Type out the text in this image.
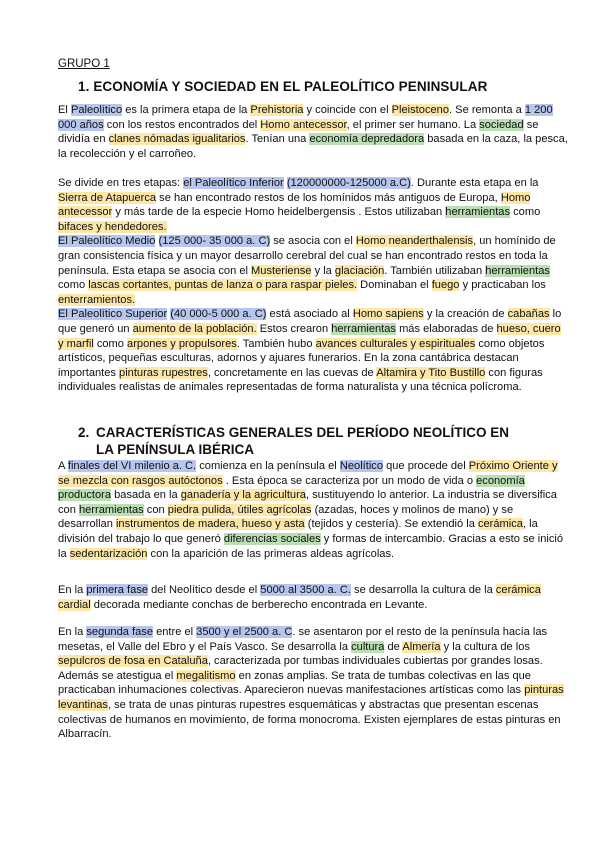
GRUPO 1
1. ECONOMÍA Y SOCIEDAD EN EL PALEOLÍTICO PENINSULAR
El Paleolítico es la primera etapa de la Prehistoria y coincide con el Pleistoceno. Se remonta a 1 200 000 años con los restos encontrados del Homo antecessor, el primer ser humano. La sociedad se dividía en clanes nómadas igualitarios. Tenían una economía depredadora basada en la caza, la pesca, la recolección y el carroñeo.
Se divide en tres etapas: el Paleolítico Inferior (120000000-125000 a.C). Durante esta etapa en la Sierra de Atapuerca se han encontrado restos de los homínidos más antiguos de Europa, Homo antecessor y más tarde de la especie Homo heidelbergensis . Estos utilizaban herramientas como bifaces y hendedores.
El Paleolítico Medio (125 000- 35 000 a. C) se asocia con el Homo neanderthalensis, un homínido de gran consistencia física y un mayor desarrollo cerebral del cual se han encontrado restos en toda la península. Esta etapa se asocia con el Musteriense y la glaciación. También utilizaban herramientas como lascas cortantes, puntas de lanza o para raspar pieles. Dominaban el fuego y practicaban los enterramientos.
El Paleolítico Superior (40 000-5 000 a. C) está asociado al Homo sapiens y la creación de cabañas lo que generó un aumento de la población. Estos crearon herramientas más elaboradas de hueso, cuero y marfil como arpones y propulsores. También hubo avances culturales y espirituales como objetos artísticos, pequeñas esculturas, adornos y ajuares funerarios. En la zona cantábrica destacan importantes pinturas rupestres, concretamente en las cuevas de Altamira y Tito Bustillo con figuras individuales realistas de animales representadas de forma naturalista y una técnica polícroma.
2. CARACTERÍSTICAS GENERALES DEL PERÍODO NEOLÍTICO EN
LA PENÍNSULA IBÉRICA
A finales del VI milenio a. C. comienza en la península el Neolítico que procede del Próximo Oriente y se mezcla con rasgos autóctonos . Esta época se caracteriza por un modo de vida o economía productora basada en la ganadería y la agricultura, sustituyendo lo anterior. La industria se diversifica con herramientas con piedra pulida, útiles agrícolas (azadas, hoces y molinos de mano) y se desarrollan instrumentos de madera, hueso y asta (tejidos y cestería). Se extendió la cerámica, la división del trabajo lo que generó diferencias sociales y formas de intercambio. Gracias a esto se inició la sedentarización con la aparición de las primeras aldeas agrícolas.
En la primera fase del Neolítico desde el 5000 al 3500 a. C. se desarrolla la cultura de la cerámica cardial decorada mediante conchas de berberecho encontrada en Levante.
En la segunda fase entre el 3500 y el 2500 a. C. se asentaron por el resto de la península hacía las mesetas, el Valle del Ebro y el País Vasco. Se desarrolla la cultura de Almería y la cultura de los sepulcros de fosa en Cataluña, caracterizada por tumbas individuales cubiertas por grandes losas. Además se atestigua el megalitismo en zonas amplias. Se trata de tumbas colectivas en las que practicaban inhumaciones colectivas. Aparecieron nuevas manifestaciones artísticas como las pinturas levantinas, se trata de unas pinturas rupestres esquemáticas y abstractas que presentan escenas colectivas de humanos en movimiento, de forma monocroma. Existen ejemplares de estas pinturas en Albarracín.
